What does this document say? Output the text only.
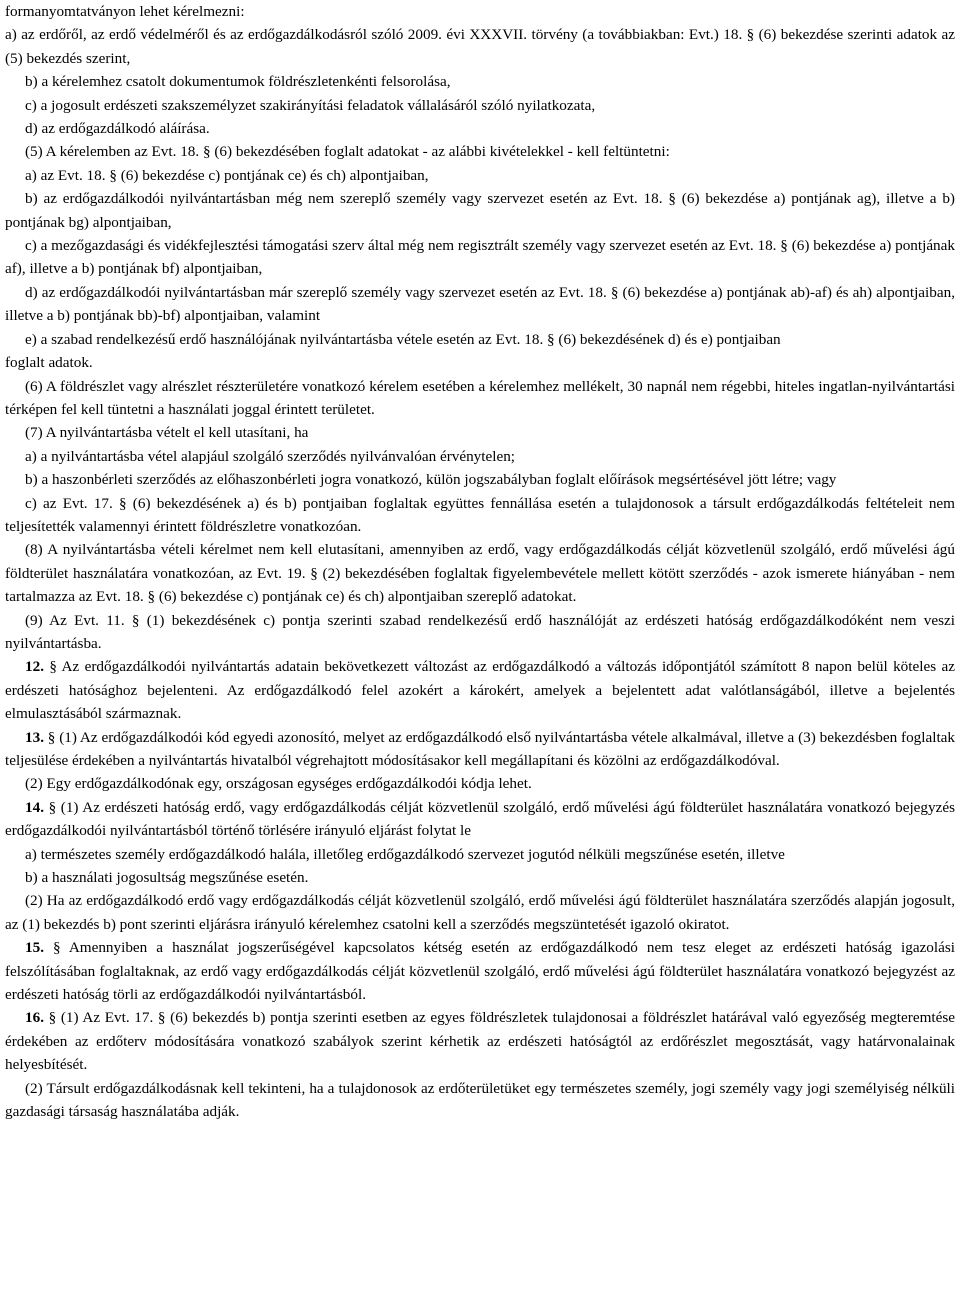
formanyomtatványon lehet kérelmezni:

a) az erdőről, az erdő védelméről és az erdőgazdálkodásról szóló 2009. évi XXXVII. törvény (a továbbiakban: Evt.) 18. § (6) bekezdése szerinti adatok az (5) bekezdés szerint,

b) a kérelemhez csatolt dokumentumok földrészletenkénti felsorolása,

c) a jogosult erdészeti szakszemélyzet szakirányítási feladatok vállalásáról szóló nyilatkozata,

d) az erdőgazdálkodó aláírása.

(5) A kérelemben az Evt. 18. § (6) bekezdésében foglalt adatokat - az alábbi kivételekkel - kell feltüntetni:

a) az Evt. 18. § (6) bekezdése c) pontjának ce) és ch) alpontjaiban,

b) az erdőgazdálkodói nyilvántartásban még nem szereplő személy vagy szervezet esetén az Evt. 18. § (6) bekezdése a) pontjának ag), illetve a b) pontjának bg) alpontjaiban,

c) a mezőgazdasági és vidékfejlesztési támogatási szerv által még nem regisztrált személy vagy szervezet esetén az Evt. 18. § (6) bekezdése a) pontjának af), illetve a b) pontjának bf) alpontjaiban,

d) az erdőgazdálkodói nyilvántartásban már szereplő személy vagy szervezet esetén az Evt. 18. § (6) bekezdése a) pontjának ab)-af) és ah) alpontjaiban, illetve a b) pontjának bb)-bf) alpontjaiban, valamint

e) a szabad rendelkezésű erdő használójának nyilvántartásba vétele esetén az Evt. 18. § (6) bekezdésének d) és e) pontjaiban

foglalt adatok.

(6) A földrészlet vagy alrészlet részterületére vonatkozó kérelem esetében a kérelemhez mellékelt, 30 napnál nem régebbi, hiteles ingatlan-nyilvántartási térképen fel kell tüntetni a használati joggal érintett területet.

(7) A nyilvántartásba vételt el kell utasítani, ha

a) a nyilvántartásba vétel alapjául szolgáló szerződés nyilvánvalóan érvénytelen;

b) a haszonbérleti szerződés az előhaszonbérleti jogra vonatkozó, külön jogszabályban foglalt előírások megsértésével jött létre; vagy

c) az Evt. 17. § (6) bekezdésének a) és b) pontjaiban foglaltak együttes fennállása esetén a tulajdonosok a társult erdőgazdálkodás feltételeit nem teljesítették valamennyi érintett földrészletre vonatkozóan.

(8) A nyilvántartásba vételi kérelmet nem kell elutasítani, amennyiben az erdő, vagy erdőgazdálkodás célját közvetlenül szolgáló, erdő művelési ágú földterület használatára vonatkozóan, az Evt. 19. § (2) bekezdésében foglaltak figyelembevétele mellett kötött szerződés - azok ismerete hiányában - nem tartalmazza az Evt. 18. § (6) bekezdése c) pontjának ce) és ch) alpontjaiban szereplő adatokat.

(9) Az Evt. 11. § (1) bekezdésének c) pontja szerinti szabad rendelkezésű erdő használóját az erdészeti hatóság erdőgazdálkodóként nem veszi nyilvántartásba.

12. § Az erdőgazdálkodói nyilvántartás adatain bekövetkezett változást az erdőgazdálkodó a változás időpontjától számított 8 napon belül köteles az erdészeti hatósághoz bejelenteni. Az erdőgazdálkodó felel azokért a károkért, amelyek a bejelentett adat valótlanságából, illetve a bejelentés elmulasztásából származnak.

13. § (1) Az erdőgazdálkodói kód egyedi azonosító, melyet az erdőgazdálkodó első nyilvántartásba vétele alkalmával, illetve a (3) bekezdésben foglaltak teljesülése érdekében a nyilvántartás hivatalból végrehajtott módosításakor kell megállapítani és közölni az erdőgazdálkodóval.

(2) Egy erdőgazdálkodónak egy, országosan egységes erdőgazdálkodói kódja lehet.

14. § (1) Az erdészeti hatóság erdő, vagy erdőgazdálkodás célját közvetlenül szolgáló, erdő művelési ágú földterület használatára vonatkozó bejegyzés erdőgazdálkodói nyilvántartásból történő törlésére irányuló eljárást folytat le

a) természetes személy erdőgazdálkodó halála, illetőleg erdőgazdálkodó szervezet jogutód nélküli megszűnése esetén, illetve

b) a használati jogosultság megszűnése esetén.

(2) Ha az erdőgazdálkodó erdő vagy erdőgazdálkodás célját közvetlenül szolgáló, erdő művelési ágú földterület használatára szerződés alapján jogosult, az (1) bekezdés b) pont szerinti eljárásra irányuló kérelemhez csatolni kell a szerződés megszüntetését igazoló okiratot.

15. § Amennyiben a használat jogszerűségével kapcsolatos kétség esetén az erdőgazdálkodó nem tesz eleget az erdészeti hatóság igazolási felszólításában foglaltaknak, az erdő vagy erdőgazdálkodás célját közvetlenül szolgáló, erdő művelési ágú földterület használatára vonatkozó bejegyzést az erdészeti hatóság törli az erdőgazdálkodói nyilvántartásból.

16. § (1) Az Evt. 17. § (6) bekezdés b) pontja szerinti esetben az egyes földrészletek tulajdonosai a földrészlet határával való egyezőség megteremtése érdekében az erdőterv módosítására vonatkozó szabályok szerint kérhetik az erdészeti hatóságtól az erdőrészlet megosztását, vagy határvonalainak helyesbítését.

(2) Társult erdőgazdálkodásnak kell tekinteni, ha a tulajdonosok az erdőterületüket egy természetes személy, jogi személy vagy jogi személyiség nélküli gazdasági társaság használatába adják.
